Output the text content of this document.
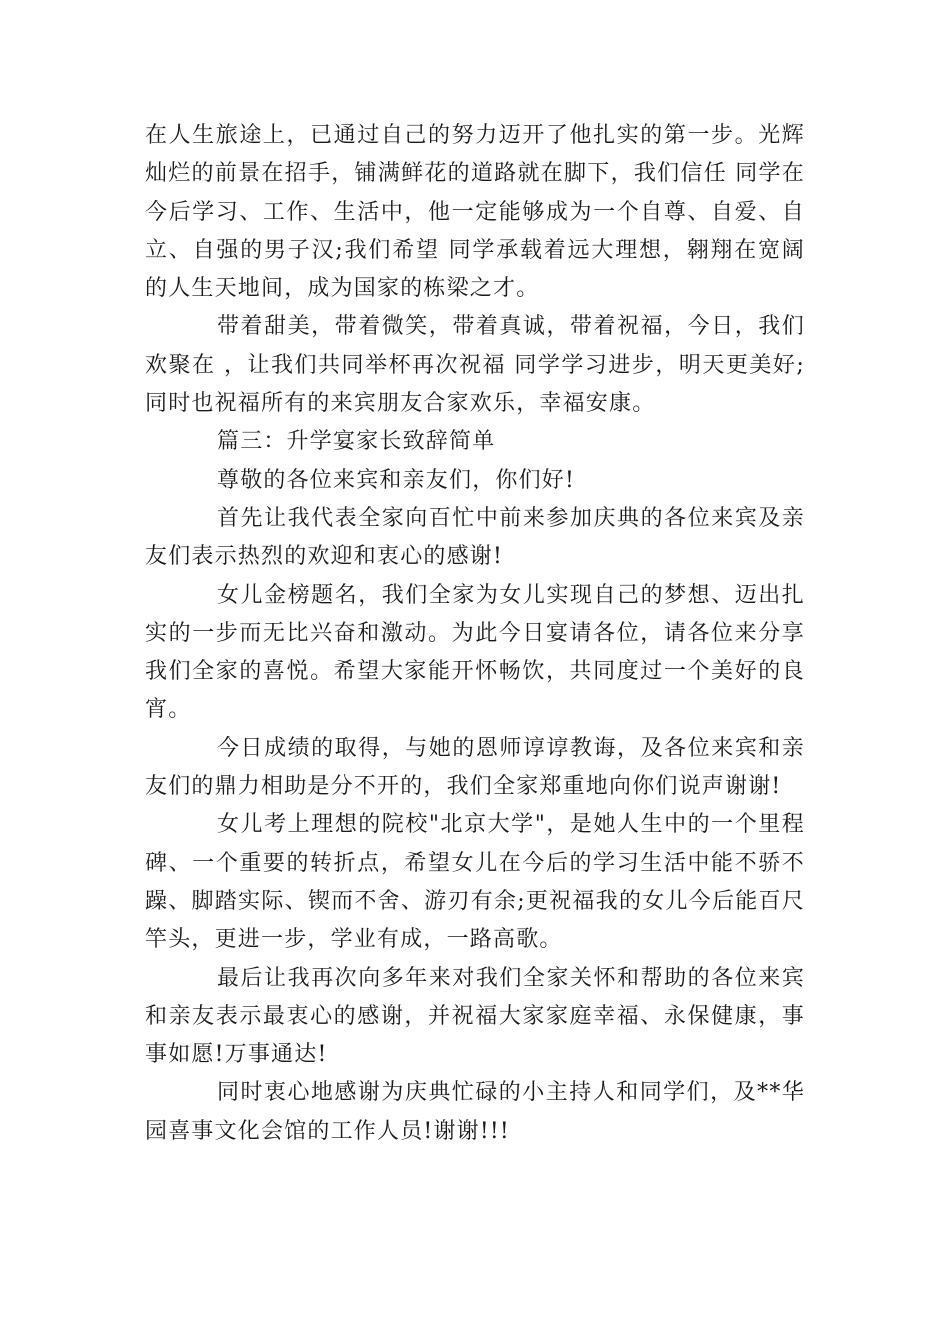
在人生旅途上，已通过自己的努力迈开了他扎实的第一步。光辉灿烂的前景在招手，铺满鲜花的道路就在脚下，我们信任 同学在今后学习、工作、生活中，他一定能够成为一个自尊、自爱、自立、自强的男子汉;我们希望 同学承载着远大理想，翱翔在宽阔的人生天地间，成为国家的栋梁之才。

带着甜美，带着微笑，带着真诚，带着祝福，今日，我们欢聚在 ，让我们共同举杯再次祝福 同学学习进步，明天更美好;同时也祝福所有的来宾朋友合家欢乐，幸福安康。

篇三：升学宴家长致辞简单

尊敬的各位来宾和亲友们，你们好!

首先让我代表全家向百忙中前来参加庆典的各位来宾及亲友们表示热烈的欢迎和衷心的感谢!

女儿金榜题名，我们全家为女儿实现自己的梦想、迈出扎实的一步而无比兴奋和激动。为此今日宴请各位，请各位来分享我们全家的喜悦。希望大家能开怀畅饮，共同度过一个美好的良宵。

今日成绩的取得，与她的恩师谆谆教诲，及各位来宾和亲友们的鼎力相助是分不开的，我们全家郑重地向你们说声谢谢!

女儿考上理想的院校"北京大学"，是她人生中的一个里程碑、一个重要的转折点，希望女儿在今后的学习生活中能不骄不躁、脚踏实际、锲而不舍、游刃有余;更祝福我的女儿今后能百尺竿头，更进一步，学业有成，一路高歌。

最后让我再次向多年来对我们全家关怀和帮助的各位来宾和亲友表示最衷心的感谢，并祝福大家家庭幸福、永保健康，事事如愿!万事通达!

同时衷心地感谢为庆典忙碌的小主持人和同学们，及**华园喜事文化会馆的工作人员!谢谢!!!
